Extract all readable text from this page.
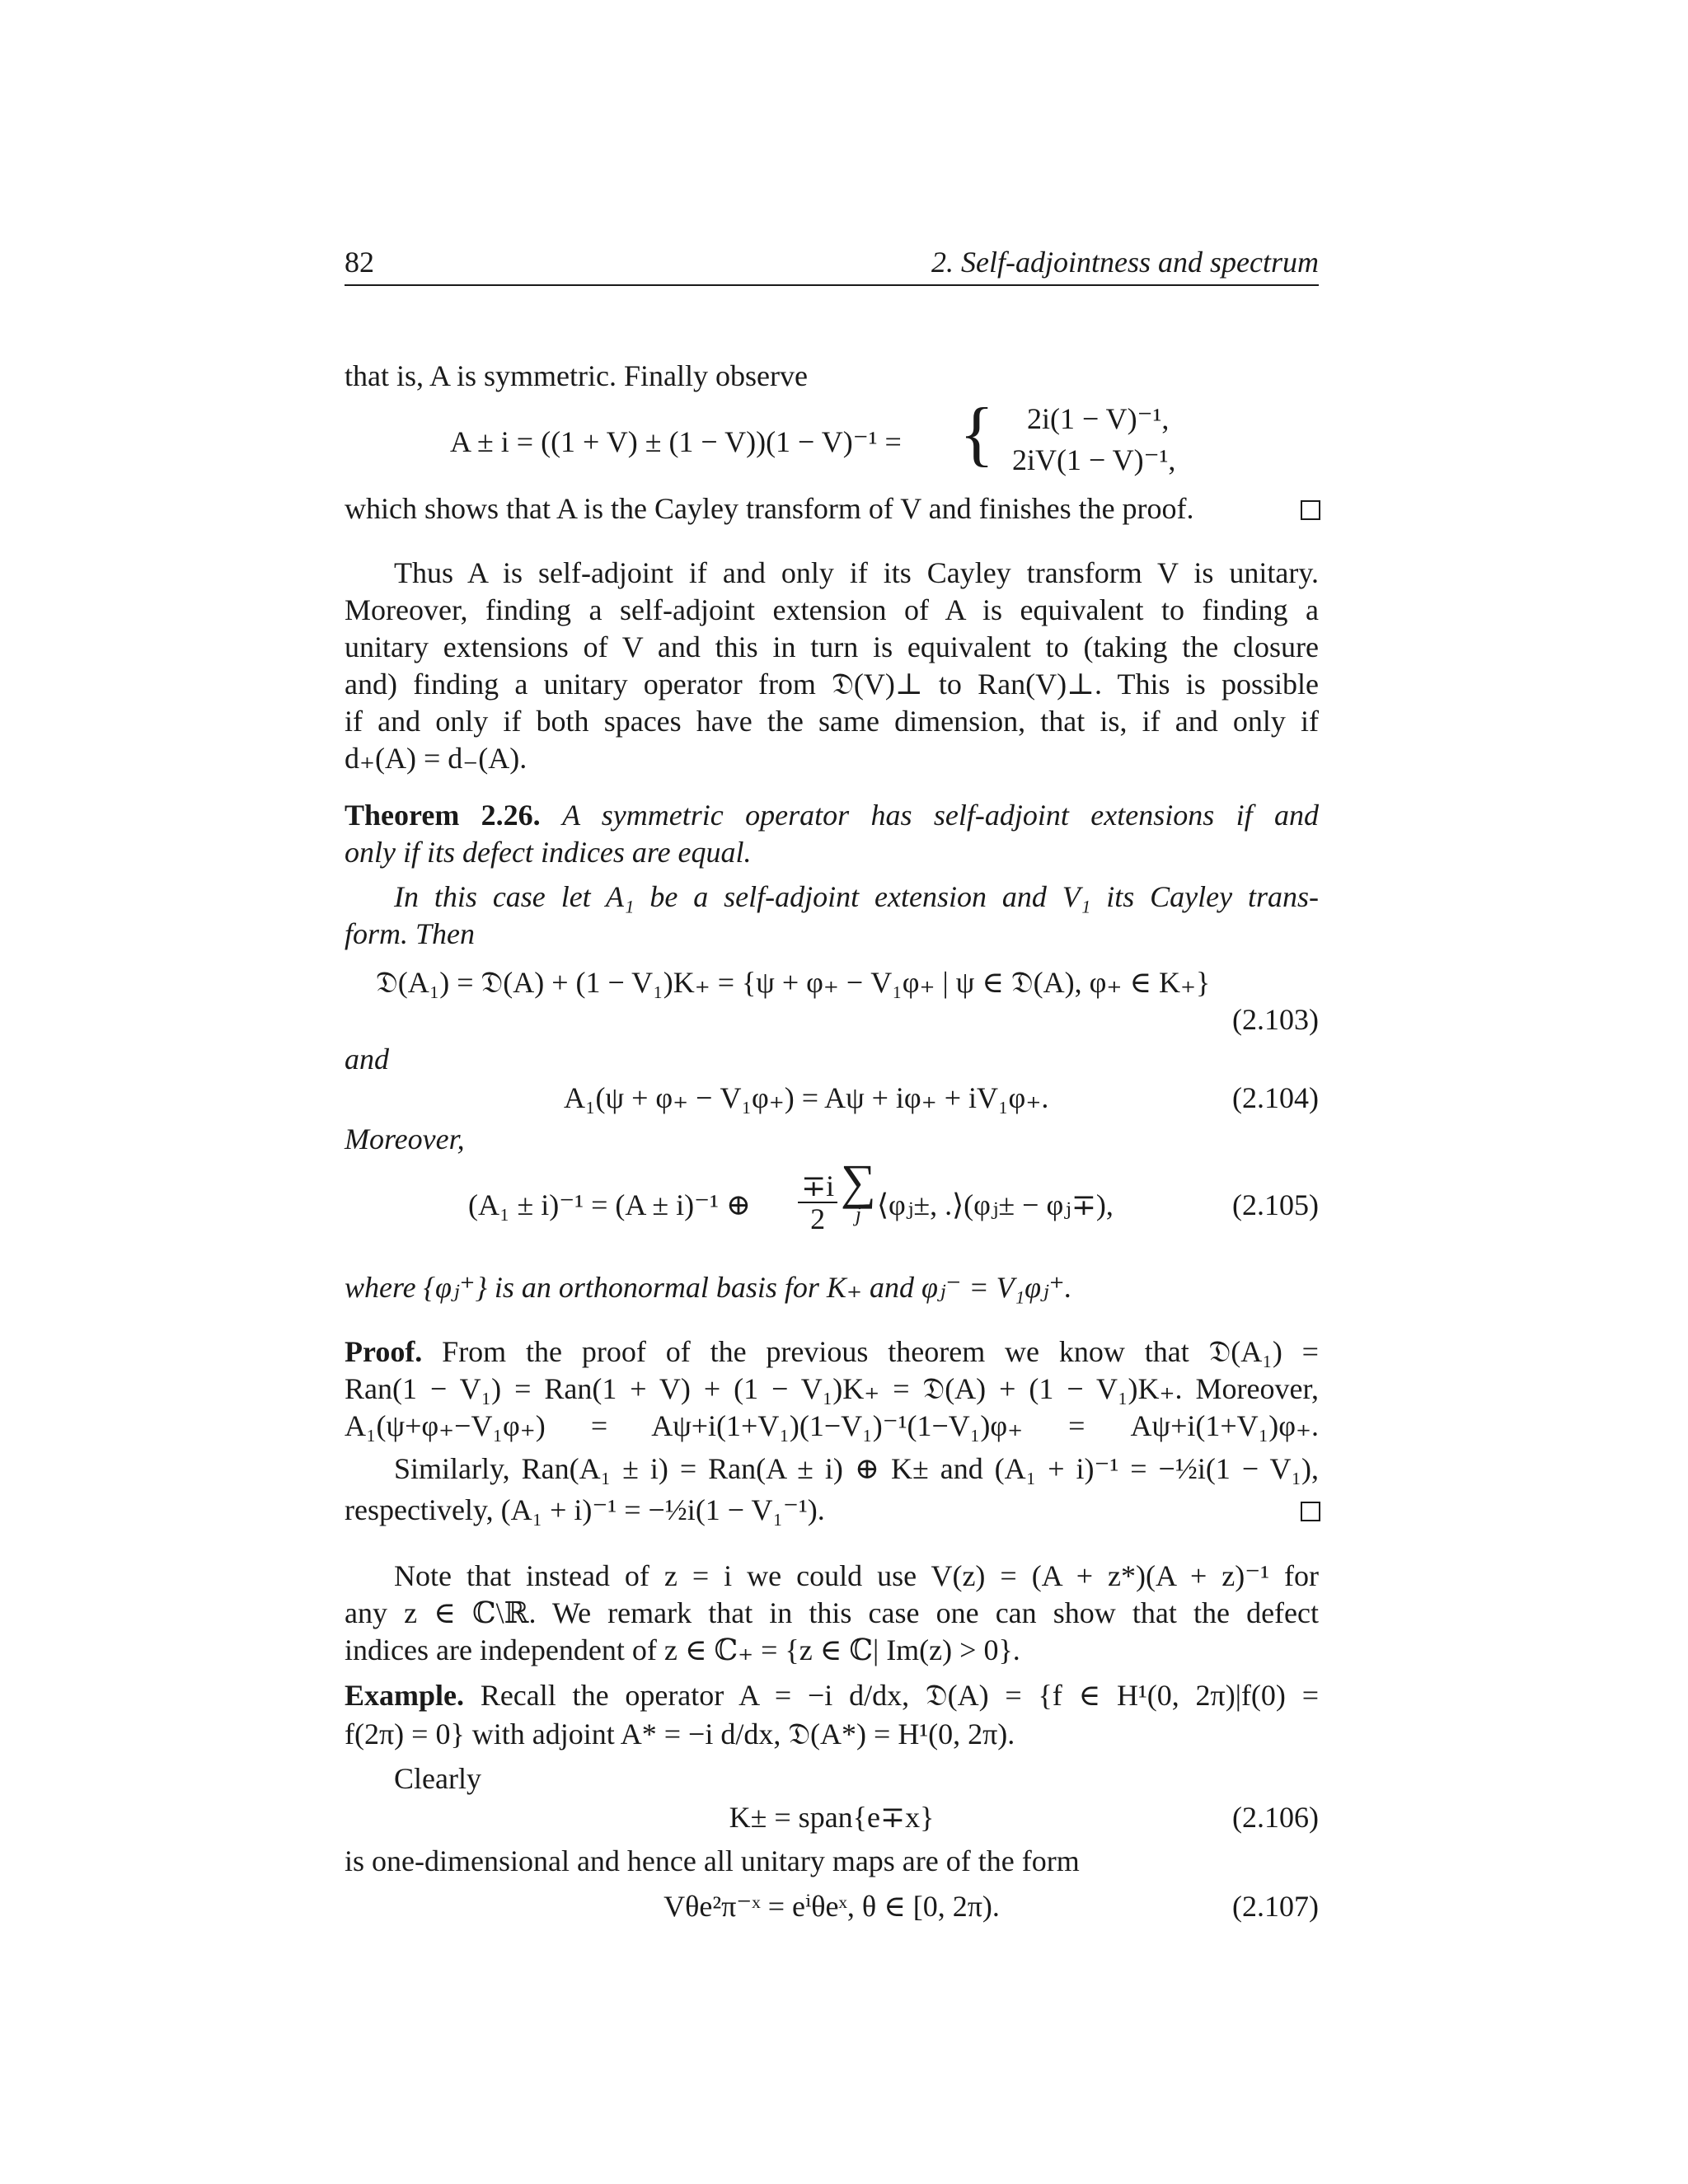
82	2. Self-adjointness and spectrum
that is, A is symmetric. Finally observe
A ± i = ((1 + V) ± (1 − V))(1 − V)⁻¹ = { 2i(1 − V)⁻¹,
2iV(1 − V)⁻¹,
which shows that A is the Cayley transform of V and finishes the proof.
Thus A is self-adjoint if and only if its Cayley transform V is unitary.
Moreover, finding a self-adjoint extension of A is equivalent to finding a
unitary extensions of V and this in turn is equivalent to (taking the closure
and) finding a unitary operator from 𝔇(V)⊥ to Ran(V)⊥. This is possible
if and only if both spaces have the same dimension, that is, if and only if
d₊(A) = d₋(A).
Theorem 2.26. A symmetric operator has self-adjoint extensions if and
only if its defect indices are equal.
In this case let A₁ be a self-adjoint extension and V₁ its Cayley trans-
form. Then
𝔇(A₁) = 𝔇(A) + (1 − V₁)K₊ = {ψ + φ₊ − V₁φ₊ | ψ ∈ 𝔇(A), φ₊ ∈ K₊}
(2.103)
and
A₁(ψ + φ₊ − V₁φ₊) = Aψ + iφ₊ + iV₁φ₊.	(2.104)
Moreover,
(A₁ ± i)⁻¹ = (A ± i)⁻¹ ⊕ $\frac{\mp i}{2}$ ∑
j ⟨φⱼ±, .⟩(φⱼ± − φⱼ∓),	(2.105)
where {φⱼ⁺} is an orthonormal basis for K₊ and φⱼ⁻ = V₁φⱼ⁺.
Proof. From the proof of the previous theorem we know that 𝔇(A₁) =
Ran(1 − V₁) = Ran(1 + V) + (1 − V₁)K₊ = 𝔇(A) + (1 − V₁)K₊. Moreover,
A₁(ψ+φ₊−V₁φ₊) = Aψ+i(1+V₁)(1−V₁)⁻¹(1−V₁)φ₊ = Aψ+i(1+V₁)φ₊.
Similarly, Ran(A₁ ± i) = Ran(A ± i) ⊕ K± and (A₁ + i)⁻¹ = −½i(1 − V₁),
respectively, (A₁ + i)⁻¹ = −½i(1 − V₁⁻¹).
Note that instead of z = i we could use V(z) = (A + z*)(A + z)⁻¹ for
any z ∈ ℂ\ℝ. We remark that in this case one can show that the defect
indices are independent of z ∈ ℂ₊ = {z ∈ ℂ| Im(z) > 0}.
Example. Recall the operator A = −i d/dx, 𝔇(A) = {f ∈ H¹(0, 2π)|f(0) =
f(2π) = 0} with adjoint A* = −i d/dx, 𝔇(A*) = H¹(0, 2π).
Clearly
K± = span{e∓x}	(2.106)
is one-dimensional and hence all unitary maps are of the form
Vθe²π⁻ˣ = eⁱθeˣ, θ ∈ [0, 2π).	(2.107)
